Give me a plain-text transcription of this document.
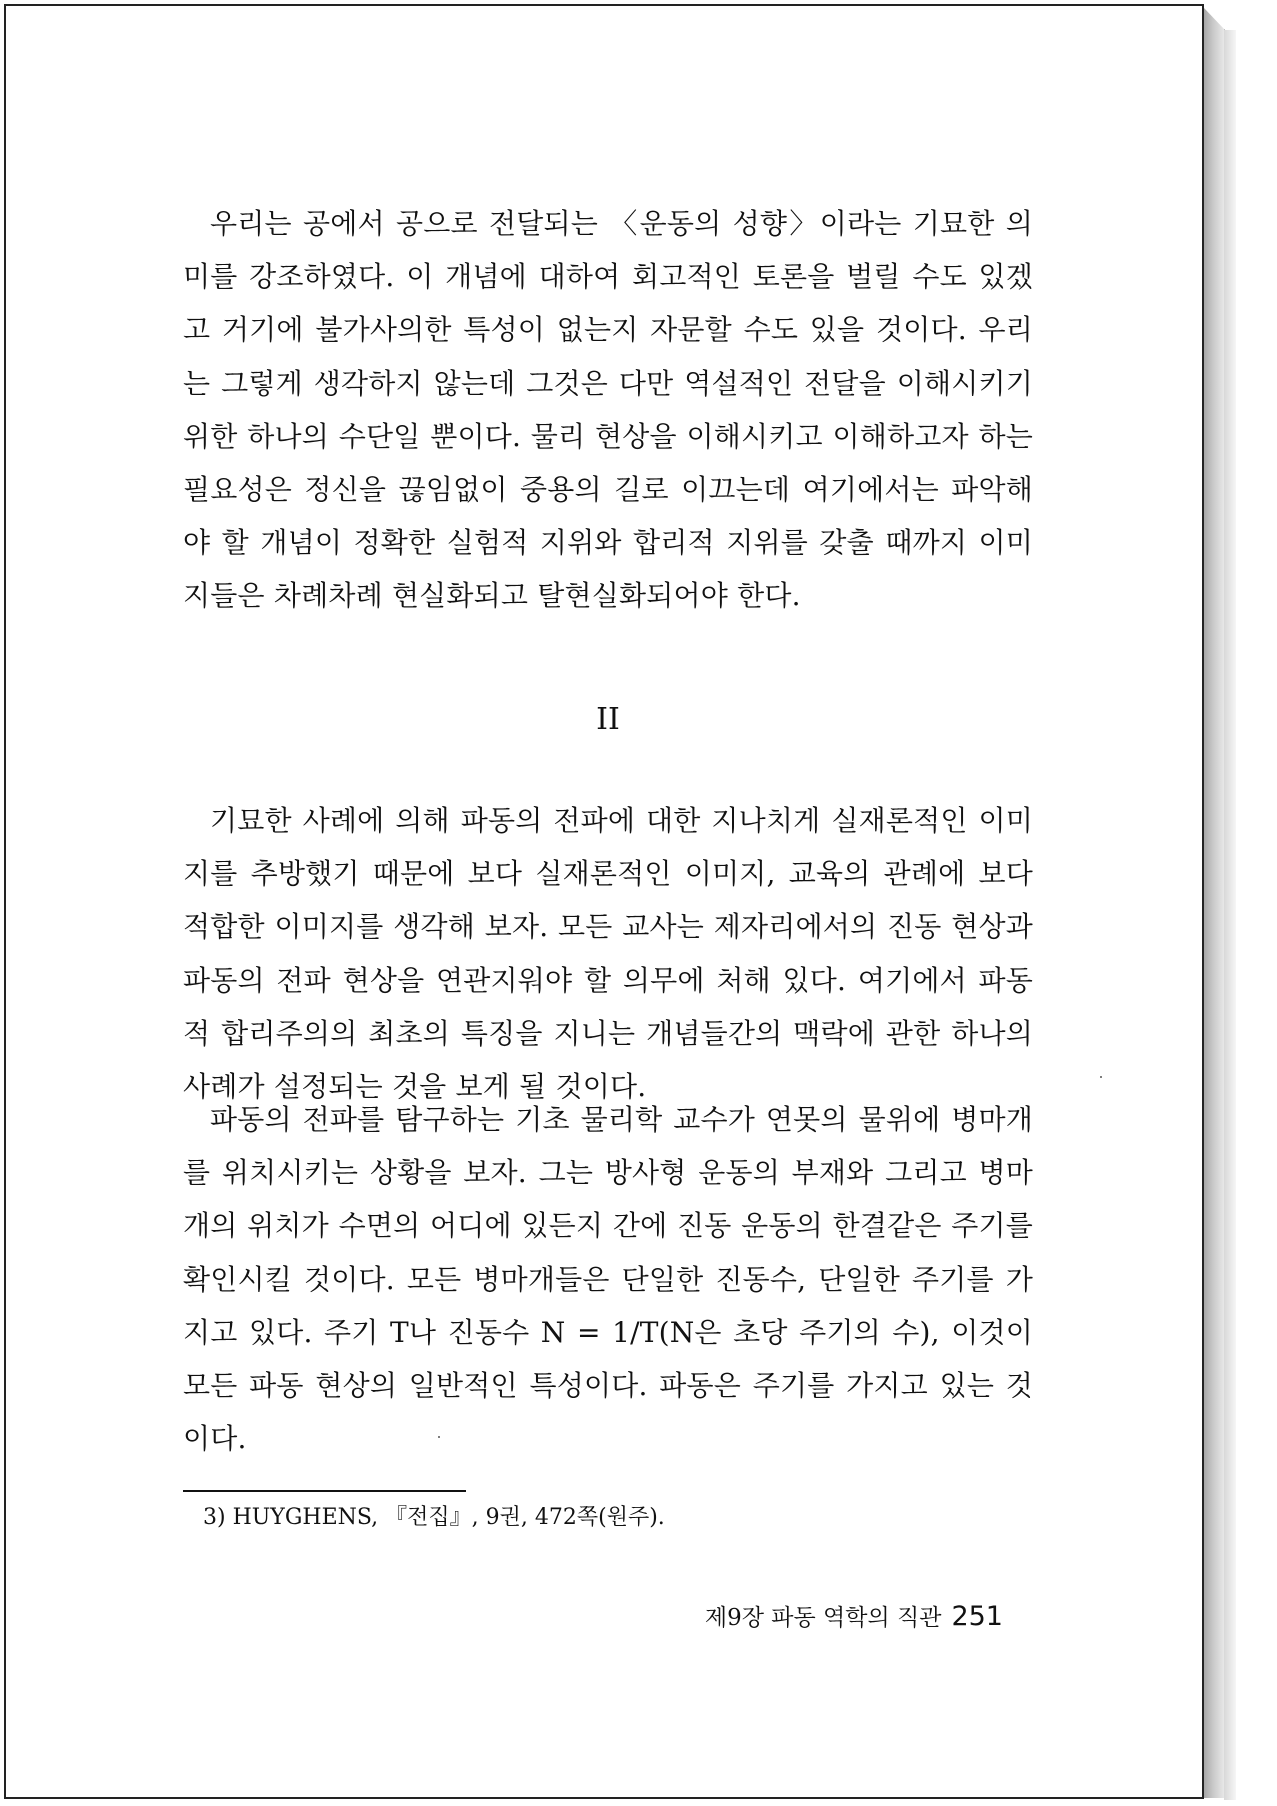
우리는 공에서 공으로 전달되는 〈운동의 성향〉이라는 기묘한 의미를 강조하였다. 이 개념에 대하여 회고적인 토론을 벌릴 수도 있겠고 거기에 불가사의한 특성이 없는지 자문할 수도 있을 것이다. 우리는 그렇게 생각하지 않는데 그것은 다만 역설적인 전달을 이해시키기 위한 하나의 수단일 뿐이다. 물리 현상을 이해시키고 이해하고자 하는 필요성은 정신을 끊임없이 중용의 길로 이끄는데 여기에서는 파악해야 할 개념이 정확한 실험적 지위와 합리적 지위를 갖출 때까지 이미지들은 차례차례 현실화되고 탈현실화되어야 한다.

II

기묘한 사례에 의해 파동의 전파에 대한 지나치게 실재론적인 이미지를 추방했기 때문에 보다 실재론적인 이미지, 교육의 관례에 보다 적합한 이미지를 생각해 보자. 모든 교사는 제자리에서의 진동 현상과 파동의 전파 현상을 연관지워야 할 의무에 처해 있다. 여기에서 파동적 합리주의의 최초의 특징을 지니는 개념들간의 맥락에 관한 하나의 사례가 설정되는 것을 보게 될 것이다.

파동의 전파를 탐구하는 기초 물리학 교수가 연못의 물위에 병마개를 위치시키는 상황을 보자. 그는 방사형 운동의 부재와 그리고 병마개의 위치가 수면의 어디에 있든지 간에 진동 운동의 한결같은 주기를 확인시킬 것이다. 모든 병마개들은 단일한 진동수, 단일한 주기를 가지고 있다. 주기 T나 진동수 N = 1/T(N은 초당 주기의 수), 이것이 모든 파동 현상의 일반적인 특성이다. 파동은 주기를 가지고 있는 것이다.

3) HUYGHENS, 『전집』, 9권, 472쪽(원주).
제9장 파동 역학의 직관 251
